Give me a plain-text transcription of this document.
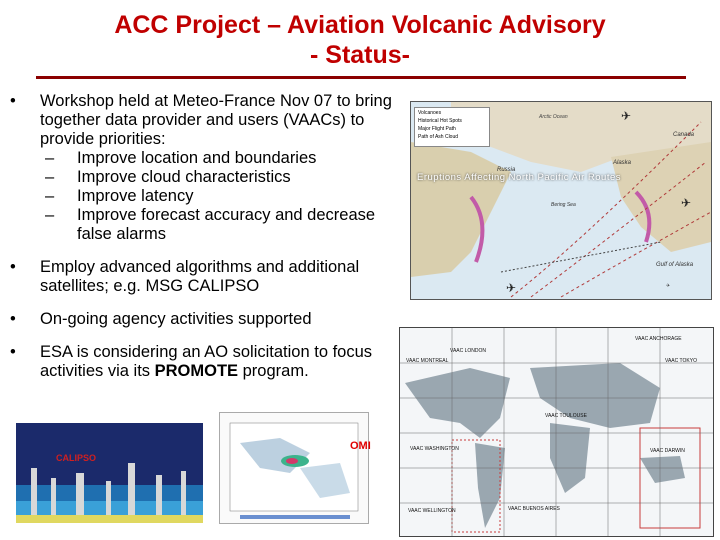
ACC Project – Aviation Volcanic Advisory
- Status-
• Workshop held at Meteo-France Nov 07 to bring together data provider and users (VAACs) to provide priorities:
– Improve location and boundaries
– Improve cloud characteristics
– Improve latency
– Improve forecast accuracy and decrease false alarms
• Employ advanced algorithms and additional satellites; e.g. MSG CALIPSO
• On-going agency activities supported
• ESA is considering an AO solicitation to focus activities via its PROMOTE program.
✈
✈
✈
✈
Volcanoes
Historical Hot Spots
Major Flight Path
Path of Ash Cloud
Arctic Ocean
Canada
Alaska
Russia
Bering Sea
Gulf of Alaska
Eruptions Affecting North Pacific Air Routes
VAAC MONTREAL
VAAC LONDON
VAAC TOKYO
VAAC WASHINGTON	VAAC DARWIN
VAAC WELLINGTON	VAAC BUENOS AIRES
VAAC TOULOUSE
VAAC ANCHORAGE
CALIPSO
OMI
